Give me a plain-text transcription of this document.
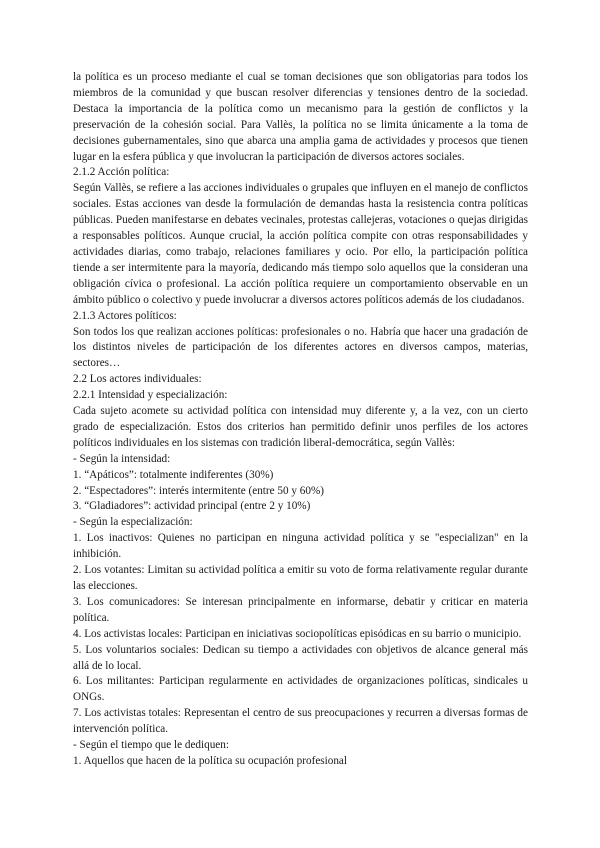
la política es un proceso mediante el cual se toman decisiones que son obligatorias para todos los miembros de la comunidad y que buscan resolver diferencias y tensiones dentro de la sociedad. Destaca la importancia de la política como un mecanismo para la gestión de conflictos y la preservación de la cohesión social. Para Vallès, la política no se limita únicamente a la toma de decisiones gubernamentales, sino que abarca una amplia gama de actividades y procesos que tienen lugar en la esfera pública y que involucran la participación de diversos actores sociales.

2.1.2 Acción política:

Según Vallès, se refiere a las acciones individuales o grupales que influyen en el manejo de conflictos sociales. Estas acciones van desde la formulación de demandas hasta la resistencia contra políticas públicas. Pueden manifestarse en debates vecinales, protestas callejeras, votaciones o quejas dirigidas a responsables políticos. Aunque crucial, la acción política compite con otras responsabilidades y actividades diarias, como trabajo, relaciones familiares y ocio. Por ello, la participación política tiende a ser intermitente para la mayoría, dedicando más tiempo solo aquellos que la consideran una obligación cívica o profesional. La acción política requiere un comportamiento observable en un ámbito público o colectivo y puede involucrar a diversos actores políticos además de los ciudadanos.

2.1.3 Actores políticos:

Son todos los que realizan acciones políticas: profesionales o no. Habría que hacer una gradación de los distintos niveles de participación de los diferentes actores en diversos campos, materias, sectores…

2.2 Los actores individuales:

2.2.1 Intensidad y especialización:

Cada sujeto acomete su actividad política con intensidad muy diferente y, a la vez, con un cierto grado de especialización. Estos dos criterios han permitido definir unos perfiles de los actores políticos individuales en los sistemas con tradición liberal-democrática, según Vallès:

- Según la intensidad:

1. “Apáticos”: totalmente indiferentes (30%)

2. “Espectadores”: interés intermitente (entre 50 y 60%)

3. “Gladiadores”: actividad principal (entre 2 y 10%)

- Según la especialización:

1. Los inactivos: Quienes no participan en ninguna actividad política y se "especializan" en la inhibición.

2. Los votantes: Limitan su actividad política a emitir su voto de forma relativamente regular durante las elecciones.

3. Los comunicadores: Se interesan principalmente en informarse, debatir y criticar en materia política.

4. Los activistas locales: Participan en iniciativas sociopolíticas episódicas en su barrio o municipio.

5. Los voluntarios sociales: Dedican su tiempo a actividades con objetivos de alcance general más allá de lo local.

6. Los militantes: Participan regularmente en actividades de organizaciones políticas, sindicales u ONGs.

7. Los activistas totales: Representan el centro de sus preocupaciones y recurren a diversas formas de intervención política.

- Según el tiempo que le dediquen:

1. Aquellos que hacen de la política su ocupación profesional
